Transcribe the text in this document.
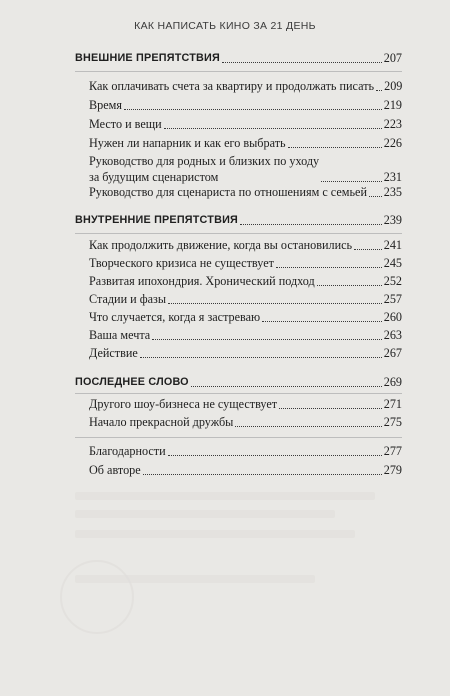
КАК НАПИСАТЬ КИНО ЗА 21 ДЕНЬ
ВНЕШНИЕ ПРЕПЯТСТВИЯ	207
Как оплачивать счета за квартиру и продолжать писать 209
Время	219
Место и вещи	223
Нужен ли напарник и как его выбрать	226
Руководство для родных и близких по уходу
за будущим сценаристом	231
Руководство для сценариста по отношениям с семьей 235
ВНУТРЕННИЕ ПРЕПЯТСТВИЯ	239
Как продолжить движение, когда вы остановились	241
Творческого кризиса не существует	245
Развитая ипохондрия. Хронический подход	252
Стадии и фазы	257
Что случается, когда я застреваю	260
Ваша мечта	263
Действие	267
ПОСЛЕДНЕЕ СЛОВО	269
Другого шоу-бизнеса не существует	271
Начало прекрасной дружбы	275
Благодарности	277
Об авторе	279
